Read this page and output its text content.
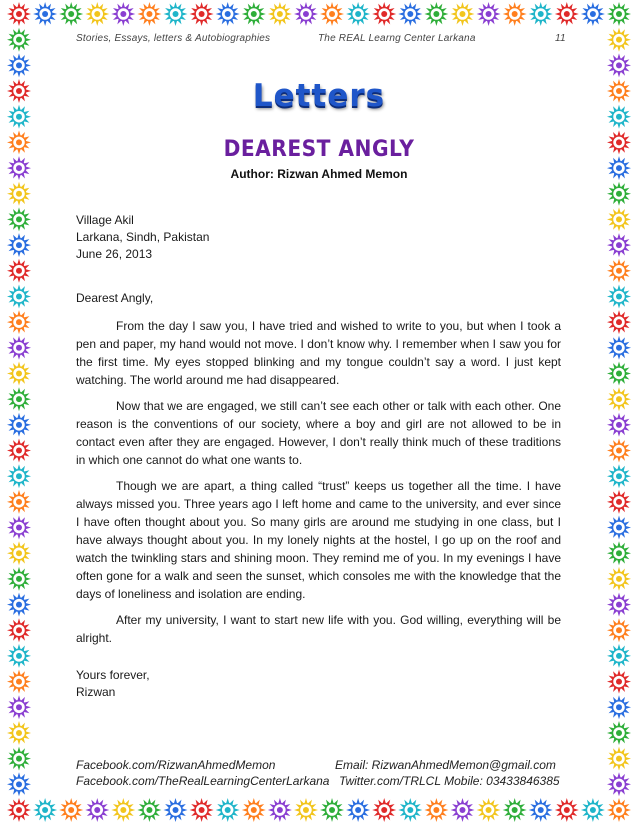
Stories, Essays, letters & Autobiographies	The REAL Learng Center Larkana	11
Letters
DEAREST ANGLY
Author: Rizwan Ahmed Memon
Village Akil
Larkana, Sindh, Pakistan
June 26, 2013
Dearest Angly,

From the day I saw you, I have tried and wished to write to you, but when I took a pen and paper, my hand would not move. I don’t know why. I remember when I saw you for the first time. My eyes stopped blinking and my tongue couldn’t say a word. I just kept watching. The world around me had disappeared.

Now that we are engaged, we still can’t see each other or talk with each other. One reason is the conventions of our society, where a boy and girl are not allowed to be in contact even after they are engaged. However, I don’t really think much of these traditions in which one cannot do what one wants to.

Though we are apart, a thing called “trust” keeps us together all the time. I have always missed you. Three years ago I left home and came to the university, and ever since I have often thought about you. So many girls are around me studying in one class, but I have always thought about you. In my lonely nights at the hostel, I go up on the roof and watch the twinkling stars and shining moon. They remind me of you. In my evenings I have often gone for a walk and seen the sunset, which consoles me with the knowledge that the days of loneliness and isolation are ending.

After my university, I want to start new life with you. God willing, everything will be alright.

Yours forever,
Rizwan
Facebook.com/RizwanAhmedMemon
Facebook.com/TheRealLearningCenterLarkana
Email: RizwanAhmedMemon@gmail.com
Twitter.com/TRLCL Mobile: 03433846385
